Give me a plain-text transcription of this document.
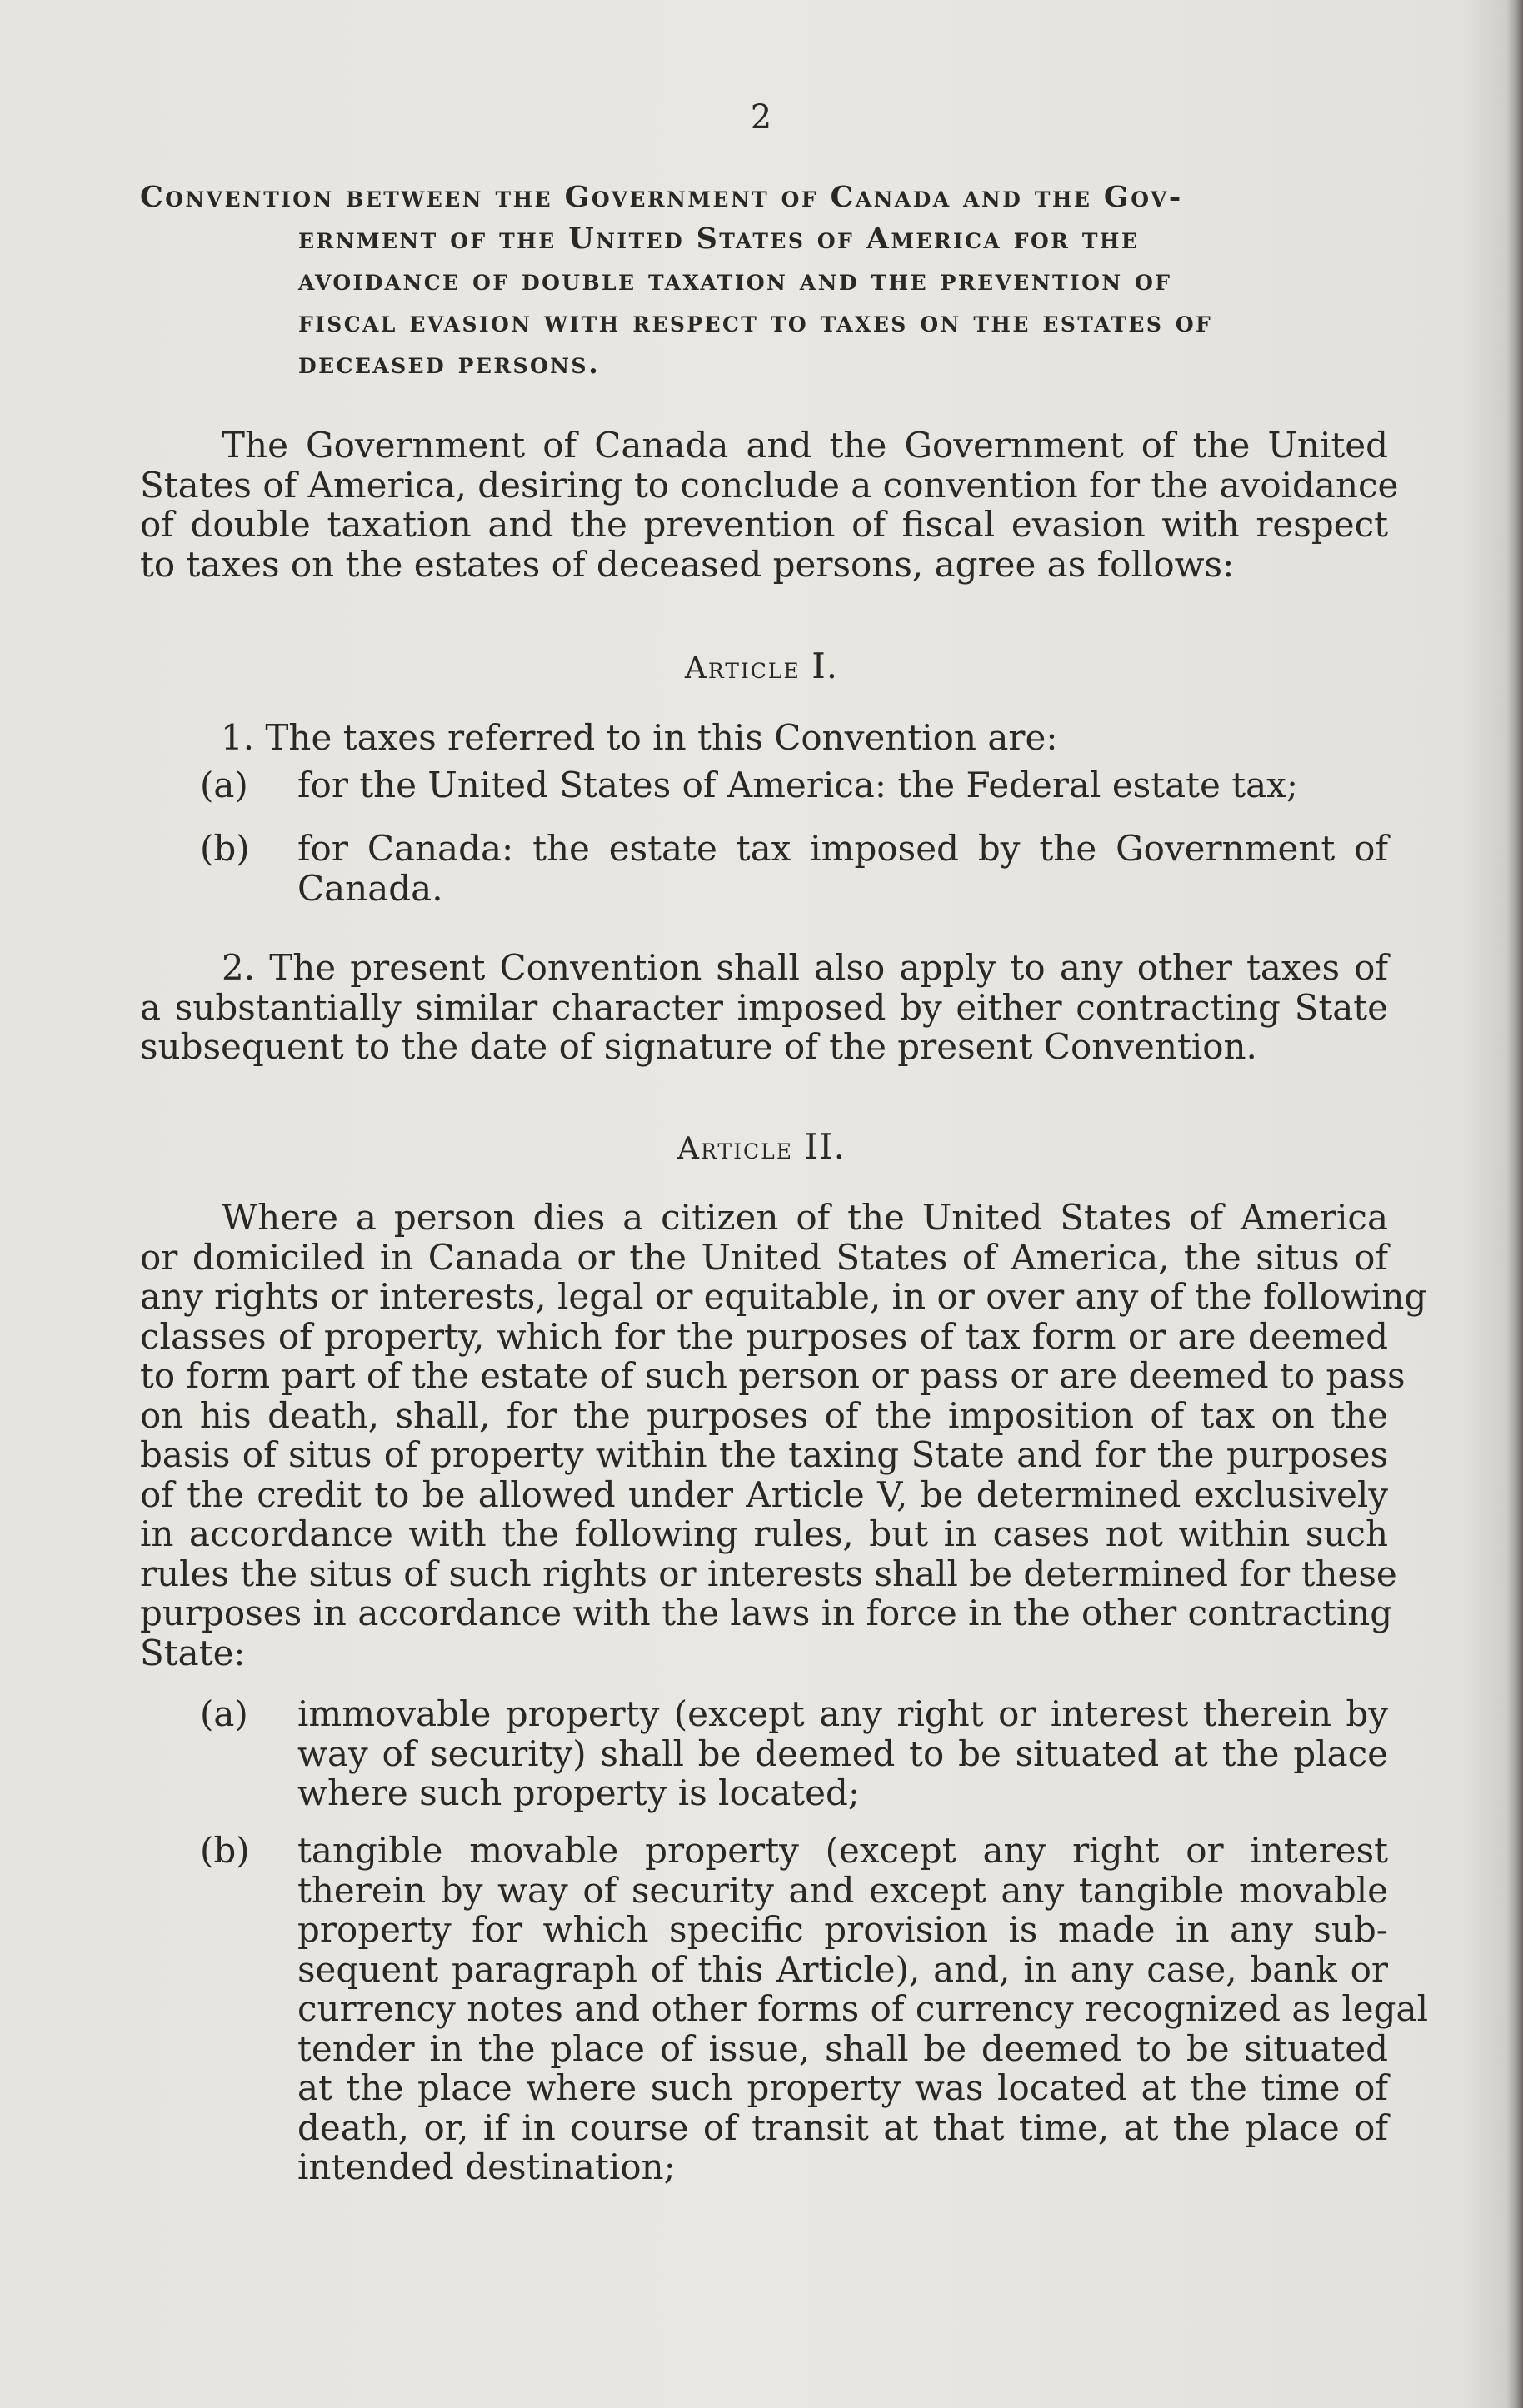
2
Convention between the Government of Canada and the Gov-
ernment of the United States of America for the
avoidance of double taxation and the prevention of
fiscal evasion with respect to taxes on the estates of
deceased persons.
The Government of Canada and the Government of the United
States of America, desiring to conclude a convention for the avoidance
of double taxation and the prevention of fiscal evasion with respect
to taxes on the estates of deceased persons, agree as follows:
Article I.
1. The taxes referred to in this Convention are:
(a) for the United States of America: the Federal estate tax;
(b) for Canada: the estate tax imposed by the Government of
Canada.
2. The present Convention shall also apply to any other taxes of
a substantially similar character imposed by either contracting State
subsequent to the date of signature of the present Convention.
Article II.
Where a person dies a citizen of the United States of America
or domiciled in Canada or the United States of America, the situs of
any rights or interests, legal or equitable, in or over any of the following
classes of property, which for the purposes of tax form or are deemed
to form part of the estate of such person or pass or are deemed to pass
on his death, shall, for the purposes of the imposition of tax on the
basis of situs of property within the taxing State and for the purposes
of the credit to be allowed under Article V, be determined exclusively
in accordance with the following rules, but in cases not within such
rules the situs of such rights or interests shall be determined for these
purposes in accordance with the laws in force in the other contracting
State:
(a) immovable property (except any right or interest therein by
way of security) shall be deemed to be situated at the place
where such property is located;
(b) tangible movable property (except any right or interest
therein by way of security and except any tangible movable
property for which specific provision is made in any sub-
sequent paragraph of this Article), and, in any case, bank or
currency notes and other forms of currency recognized as legal
tender in the place of issue, shall be deemed to be situated
at the place where such property was located at the time of
death, or, if in course of transit at that time, at the place of
intended destination;
